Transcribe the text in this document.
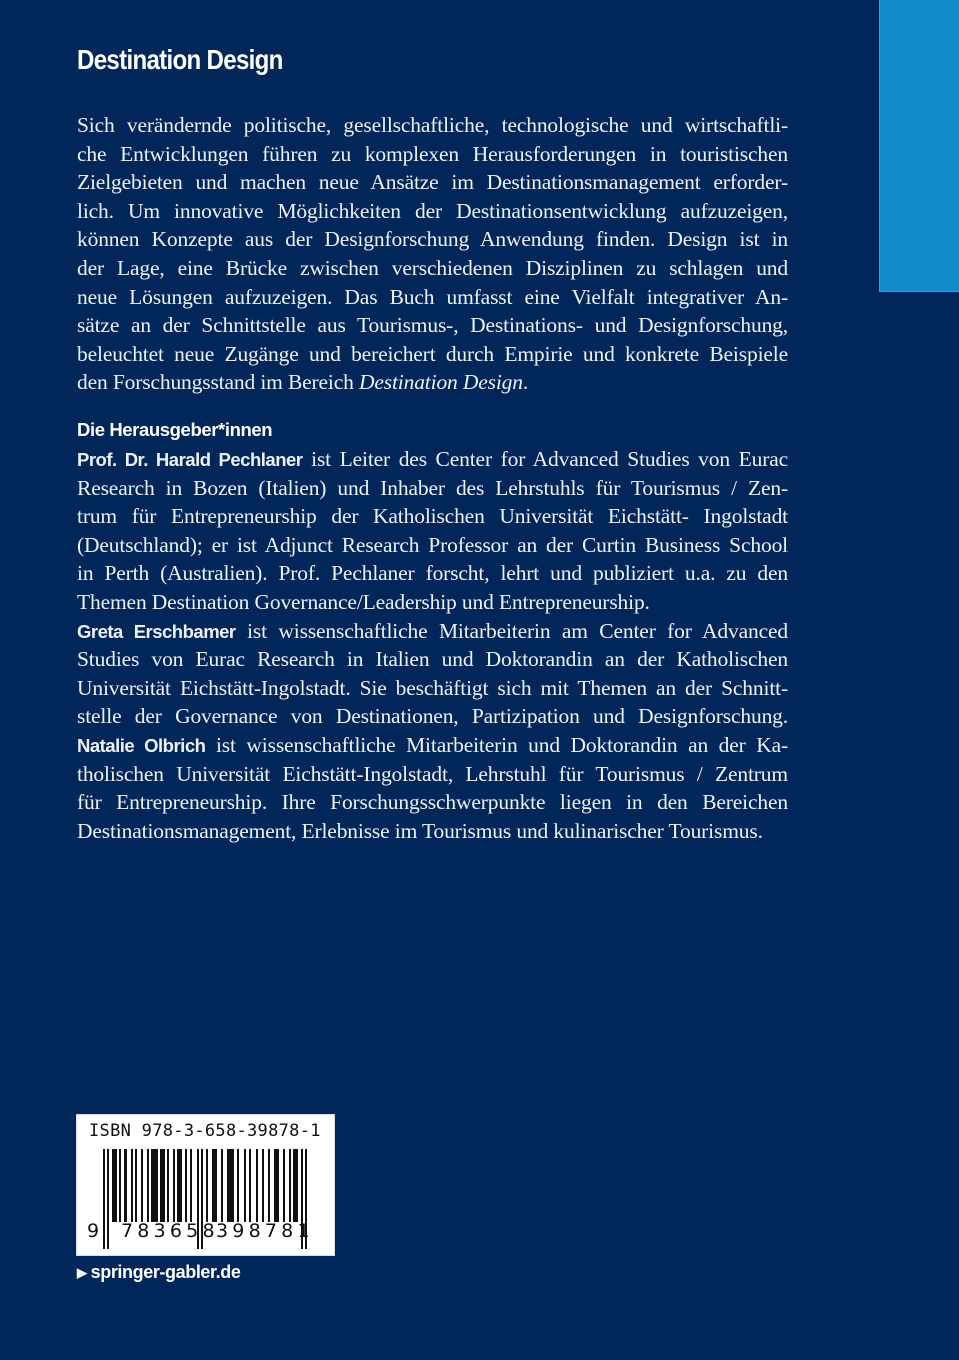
Destination Design
Sich verändernde politische, gesellschaftliche, technologische und wirtschaftli-
che Entwicklungen führen zu komplexen Herausforderungen in touristischen
Zielgebieten und machen neue Ansätze im Destinationsmanagement erforder-
lich. Um innovative Möglichkeiten der Destinationsentwicklung aufzuzeigen,
können Konzepte aus der Designforschung Anwendung finden. Design ist in
der Lage, eine Brücke zwischen verschiedenen Disziplinen zu schlagen und
neue Lösungen aufzuzeigen. Das Buch umfasst eine Vielfalt integrativer An-
sätze an der Schnittstelle aus Tourismus-, Destinations- und Designforschung,
beleuchtet neue Zugänge und bereichert durch Empirie und konkrete Beispiele
den Forschungsstand im Bereich Destination Design.
Die Herausgeber*innen
Prof. Dr. Harald Pechlaner ist Leiter des Center for Advanced Studies von Eurac
Research in Bozen (Italien) und Inhaber des Lehrstuhls für Tourismus / Zen-
trum für Entrepreneurship der Katholischen Universität Eichstätt- Ingolstadt
(Deutschland); er ist Adjunct Research Professor an der Curtin Business School
in Perth (Australien). Prof. Pechlaner forscht, lehrt und publiziert u.a. zu den
Themen Destination Governance/Leadership und Entrepreneurship.
Greta Erschbamer ist wissenschaftliche Mitarbeiterin am Center for Advanced
Studies von Eurac Research in Italien und Doktorandin an der Katholischen
Universität Eichstätt-Ingolstadt. Sie beschäftigt sich mit Themen an der Schnitt-
stelle der Governance von Destinationen, Partizipation und Designforschung.
Natalie Olbrich ist wissenschaftliche Mitarbeiterin und Doktorandin an der Ka-
tholischen Universität Eichstätt-Ingolstadt, Lehrstuhl für Tourismus / Zentrum
für Entrepreneurship. Ihre Forschungsschwerpunkte liegen in den Bereichen
Destinationsmanagement, Erlebnisse im Tourismus und kulinarischer Tourismus.
ISBN 978-3-658-39878-1
9 783658
398781
▶ springer-gabler.de
